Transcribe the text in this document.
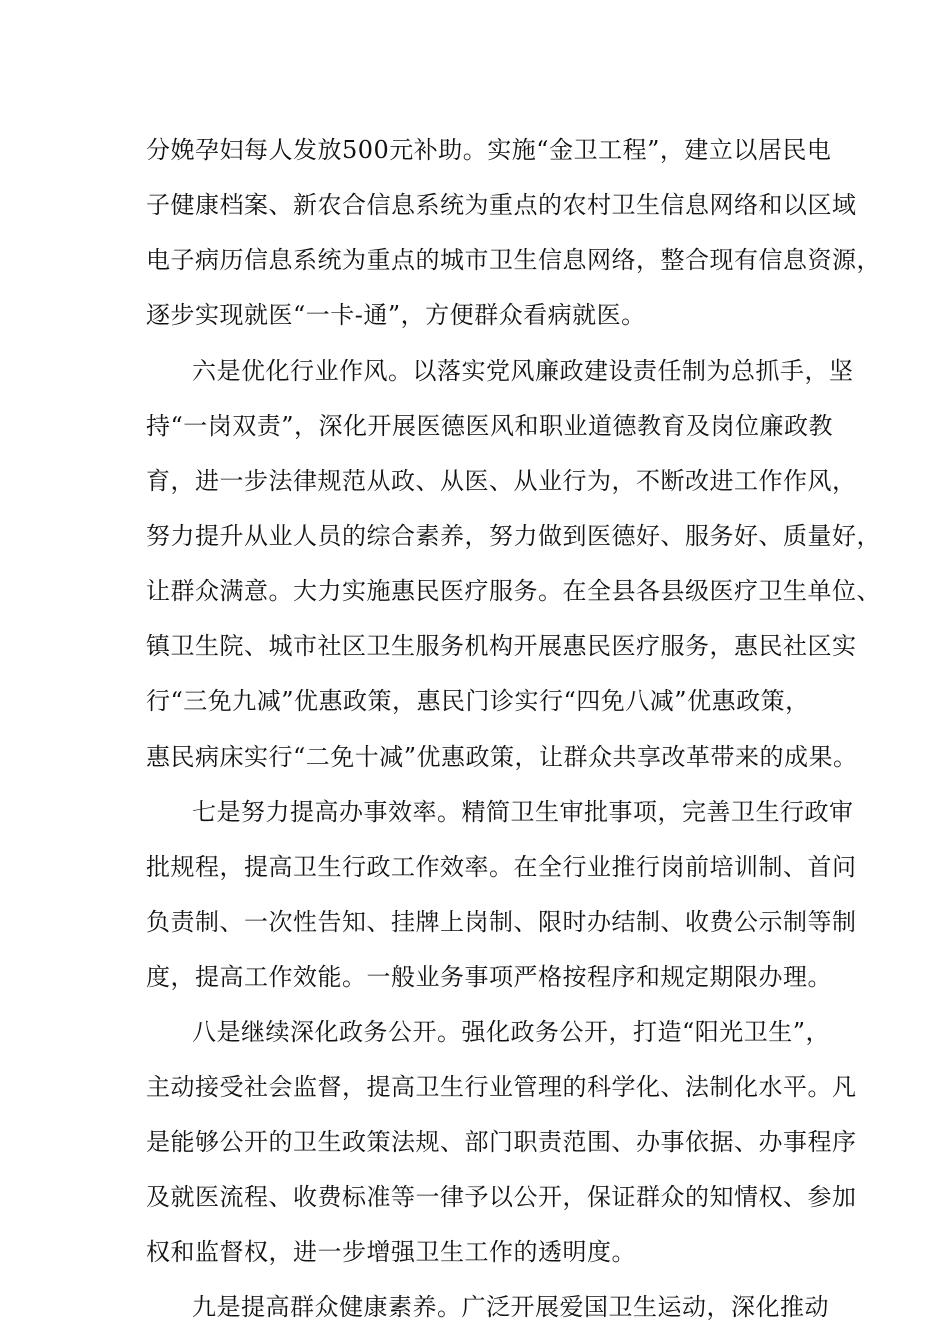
分娩孕妇每人发放500元补助。实施“金卫工程”，建立以居民电
子健康档案、新农合信息系统为重点的农村卫生信息网络和以区域
电子病历信息系统为重点的城市卫生信息网络，整合现有信息资源，
逐步实现就医“一卡-通”，方便群众看病就医。
六是优化行业作风。以落实党风廉政建设责任制为总抓手，坚
持“一岗双责”，深化开展医德医风和职业道德教育及岗位廉政教
育，进一步法律规范从政、从医、从业行为，不断改进工作作风，
努力提升从业人员的综合素养，努力做到医德好、服务好、质量好，
让群众满意。大力实施惠民医疗服务。在全县各县级医疗卫生单位、
镇卫生院、城市社区卫生服务机构开展惠民医疗服务，惠民社区实
行“三免九减”优惠政策，惠民门诊实行“四免八减”优惠政策，
惠民病床实行“二免十减”优惠政策，让群众共享改革带来的成果。
七是努力提高办事效率。精简卫生审批事项，完善卫生行政审
批规程，提高卫生行政工作效率。在全行业推行岗前培训制、首问
负责制、一次性告知、挂牌上岗制、限时办结制、收费公示制等制
度，提高工作效能。一般业务事项严格按程序和规定期限办理。
八是继续深化政务公开。强化政务公开，打造“阳光卫生”，
主动接受社会监督，提高卫生行业管理的科学化、法制化水平。凡
是能够公开的卫生政策法规、部门职责范围、办事依据、办事程序
及就医流程、收费标准等一律予以公开，保证群众的知情权、参加
权和监督权，进一步增强卫生工作的透明度。
九是提高群众健康素养。广泛开展爱国卫生运动，深化推动
